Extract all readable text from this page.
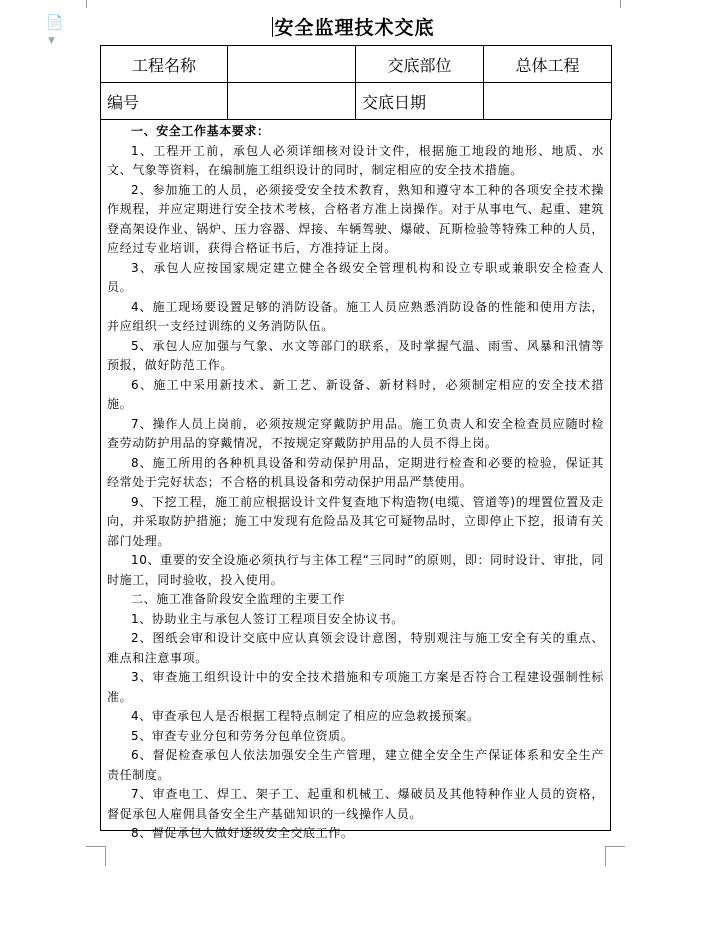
📄▼
安全监理技术交底
工程名称		交底部位	总体工程
编号		交底日期	

一、安全工作基本要求：

1、工程开工前，承包人必须详细核对设计文件，根据施工地段的地形、地质、水文、气象等资料，在编制施工组织设计的同时，制定相应的安全技术措施。

2、参加施工的人员，必须接受安全技术教育，熟知和遵守本工种的各项安全技术操作规程，并应定期进行安全技术考核，合格者方准上岗操作。对于从事电气、起重、建筑登高架设作业、锅炉、压力容器、焊接、车辆驾驶、爆破、瓦斯检验等特殊工种的人员，应经过专业培训，获得合格证书后，方准持证上岗。

3、承包人应按国家规定建立健全各级安全管理机构和设立专职或兼职安全检查人员。

4、施工现场要设置足够的消防设备。施工人员应熟悉消防设备的性能和使用方法，并应组织一支经过训练的义务消防队伍。

5、承包人应加强与气象、水文等部门的联系，及时掌握气温、雨雪、风暴和汛情等预报，做好防范工作。

6、施工中采用新技术、新工艺、新设备、新材料时，必须制定相应的安全技术措施。

7、操作人员上岗前，必须按规定穿戴防护用品。施工负责人和安全检查员应随时检查劳动防护用品的穿戴情况，不按规定穿戴防护用品的人员不得上岗。

8、施工所用的各种机具设备和劳动保护用品，定期进行检查和必要的检验，保证其经常处于完好状态；不合格的机具设备和劳动保护用品严禁使用。

9、下挖工程，施工前应根据设计文件复查地下构造物(电缆、管道等)的埋置位置及走向，并采取防护措施；施工中发现有危险品及其它可疑物品时，立即停止下挖，报请有关部门处理。

10、重要的安全设施必须执行与主体工程“三同时”的原则，即：同时设计、审批，同时施工，同时验收，投入使用。

二、施工准备阶段安全监理的主要工作

1、协助业主与承包人签订工程项目安全协议书。

2、图纸会审和设计交底中应认真领会设计意图，特别观注与施工安全有关的重点、难点和注意事项。

3、审查施工组织设计中的安全技术措施和专项施工方案是否符合工程建设强制性标准。

4、审查承包人是否根据工程特点制定了相应的应急救援预案。

5、审查专业分包和劳务分包单位资质。

6、督促检查承包人依法加强安全生产管理，建立健全安全生产保证体系和安全生产责任制度。

7、审查电工、焊工、架子工、起重和机械工、爆破员及其他特种作业人员的资格，督促承包人雇佣具备安全生产基础知识的一线操作人员。

8、督促承包人做好逐级安全交底工作。
